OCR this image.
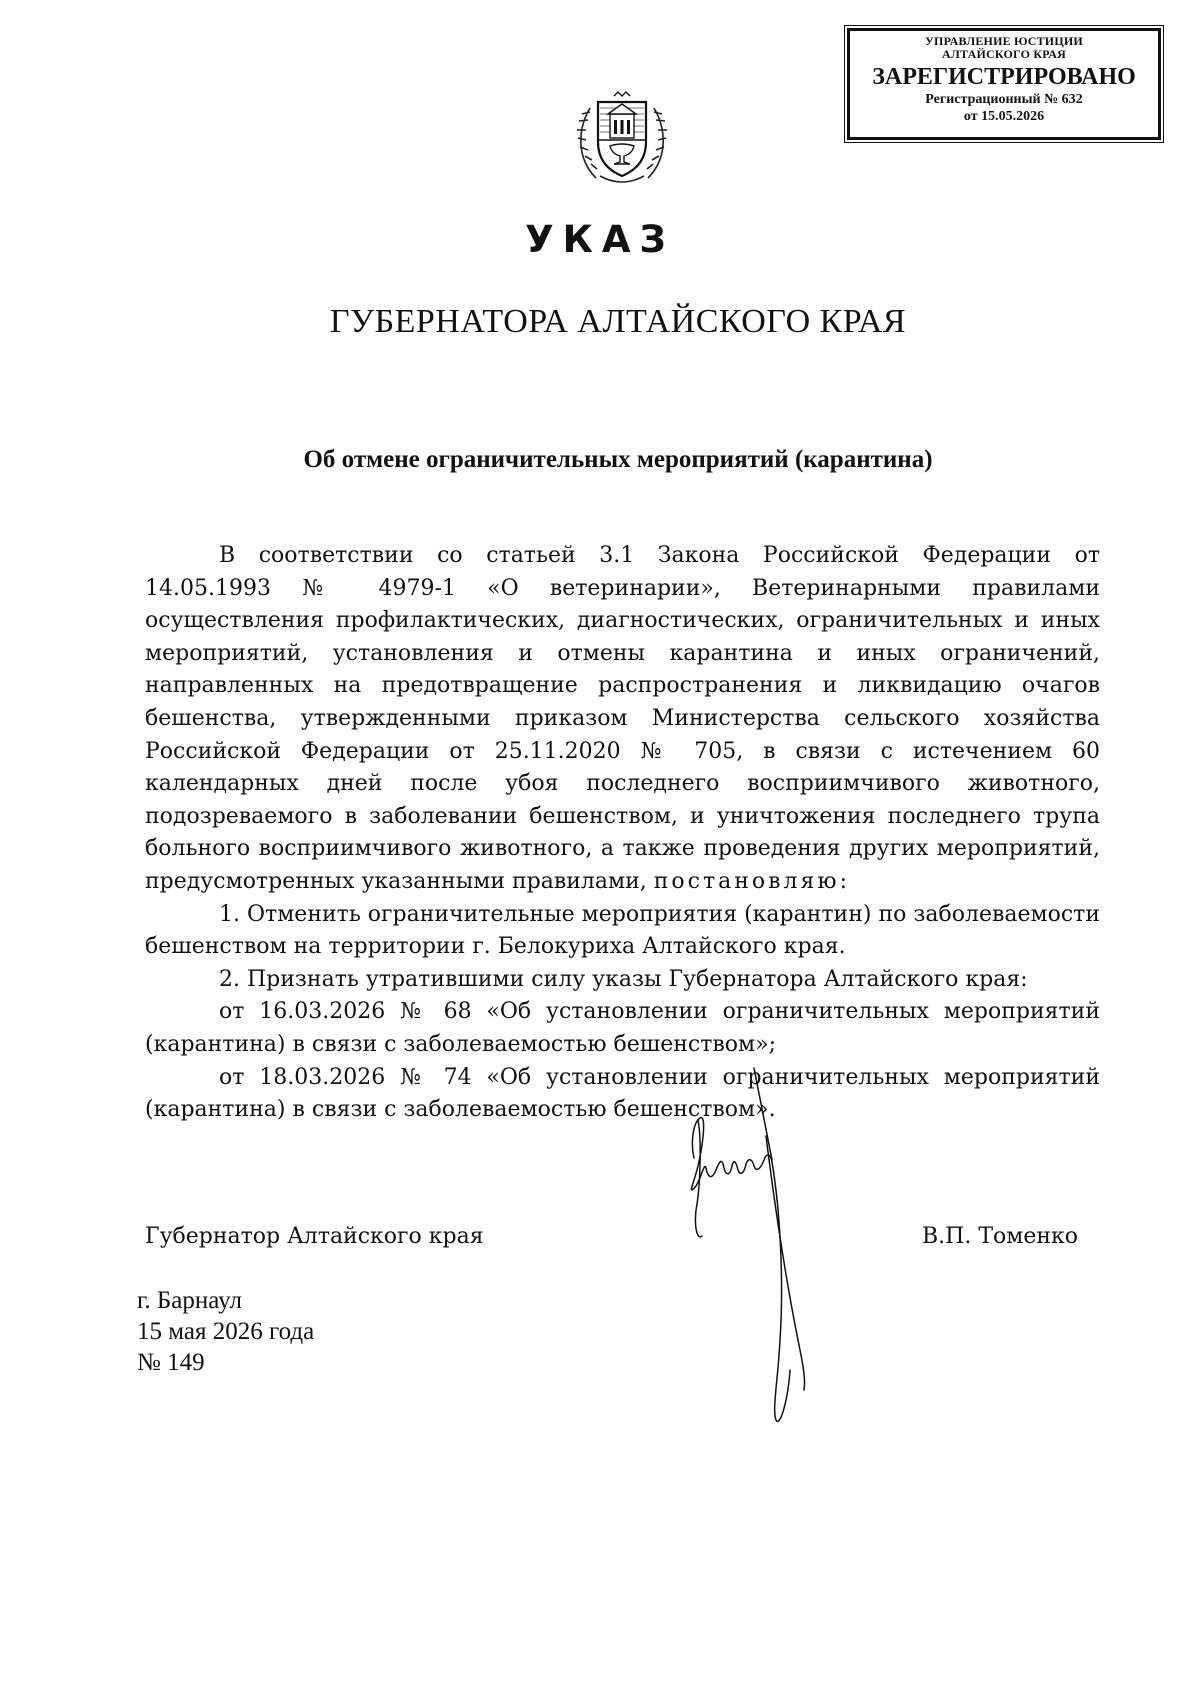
УПРАВЛЕНИЕ ЮСТИЦИИ
АЛТАЙСКОГО КРАЯ
ЗАРЕГИСТРИРОВАНО
Регистрационный № 632
от 15.05.2026
УКАЗ
ГУБЕРНАТОРА АЛТАЙСКОГО КРАЯ
Об отмене ограничительных мероприятий (карантина)

В соответствии со статьей 3.1 Закона Российской Федерации от 14.05.1993 № 4979-1 «О ветеринарии», Ветеринарными правилами осуществления профилактических, диагностических, ограничительных и иных мероприятий, установления и отмены карантина и иных ограничений, направленных на предотвращение распространения и ликвидацию очагов бешенства, утвержденными приказом Министерства сельского хозяйства Российской Федерации от 25.11.2020 № 705, в связи с истечением 60 календарных дней после убоя последнего восприимчивого животного, подозреваемого в заболевании бешенством, и уничтожения последнего трупа больного восприимчивого животного, а также проведения других мероприятий, предусмотренных указанными правилами, постановляю:

1. Отменить ограничительные мероприятия (карантин) по заболеваемости бешенством на территории г. Белокуриха Алтайского края.

2. Признать утратившими силу указы Губернатора Алтайского края:

от 16.03.2026 № 68 «Об установлении ограничительных мероприятий (карантина) в связи с заболеваемостью бешенством»;

от 18.03.2026 № 74 «Об установлении ограничительных мероприятий (карантина) в связи с заболеваемостью бешенством».

Губернатор Алтайского края	В.П. Томенко
г. Барнаул
15 мая 2026 года
№ 149
